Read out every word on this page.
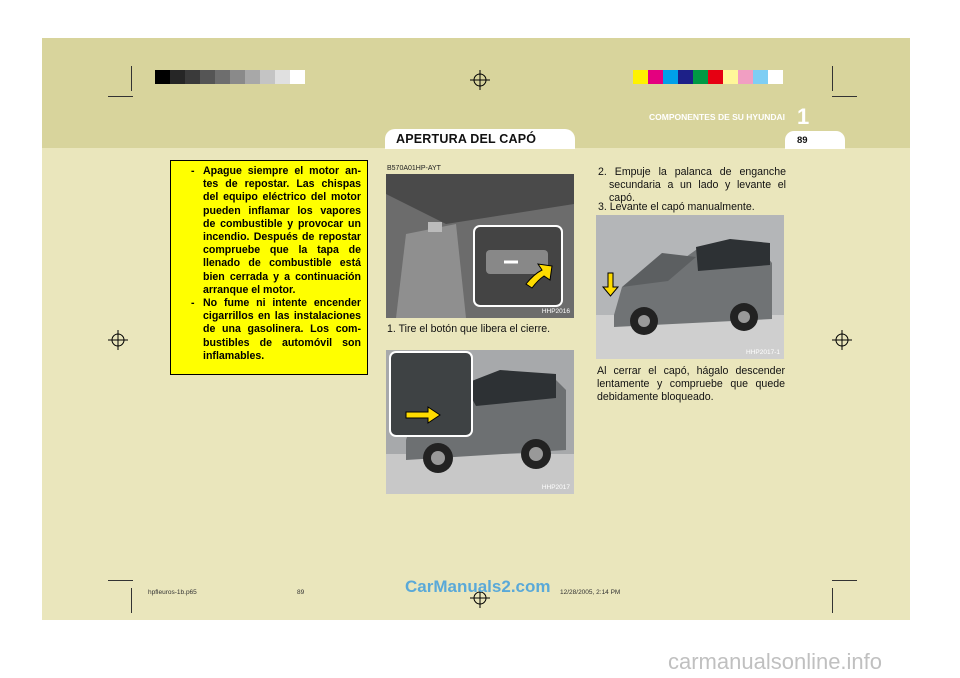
COMPONENTES DE SU HYUNDAI 1
89
APERTURA DEL CAPÓ
- Apague siempre el motor an- tes de repostar. Las chispas del equipo eléctrico del motor pueden inflamar los vapores de combustible y provocar un incendio. Después de repostar compruebe que la tapa de llenado de combustible está bien cerrada y a continuación arranque el motor.
- No fume ni intente encender cigarrillos en las instalaciones de una gasolinera. Los com- bustibles de automóvil son inflamables.
B570A01HP-AYT
HHP2016
1. Tire el botón que libera el cierre.
HHP2017
2. Empuje la palanca de enganche secundaria a un lado y levante el capó.
3. Levante el capó manualmente.
HHP2017-1
Al cerrar el capó, hágalo descender lentamente y compruebe que quede debidamente bloqueado.
hpfleuros-1b.p65	89	12/28/2005, 2:14 PM
CarManuals2.com
carmanualsonline.info
